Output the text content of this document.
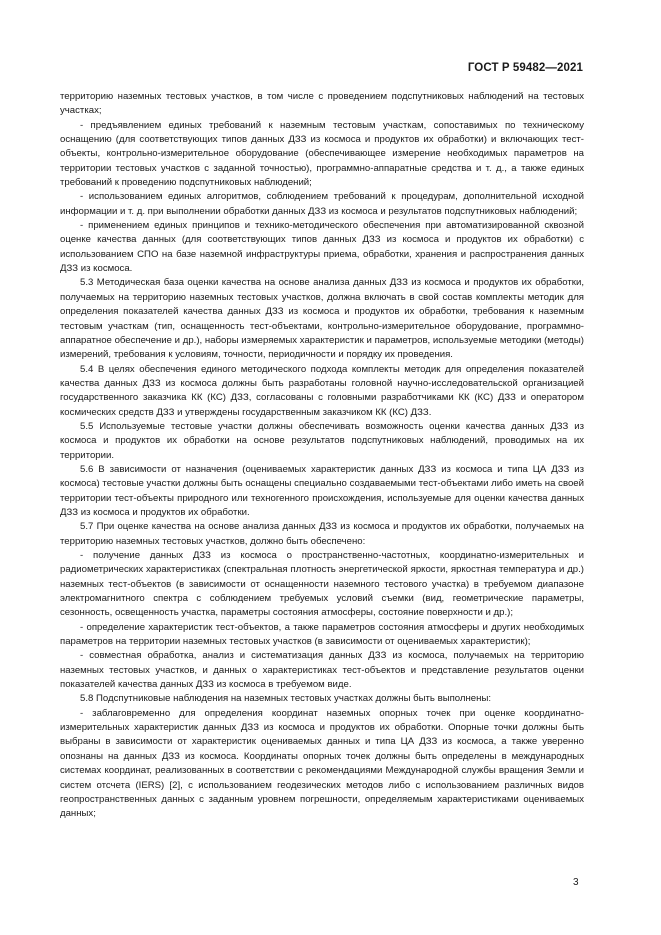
ГОСТ Р 59482—2021

территорию наземных тестовых участков, в том числе с проведением подспутниковых наблюдений на тестовых участках;

- предъявлением единых требований к наземным тестовым участкам, сопоставимых по техническому оснащению (для соответствующих типов данных ДЗЗ из космоса и продуктов их обработки) и включающих тест-объекты, контрольно-измерительное оборудование (обеспечивающее измерение необходимых параметров на территории тестовых участков с заданной точностью), программно-аппаратные средства и т. д., а также единых требований к проведению подспутниковых наблюдений;

- использованием единых алгоритмов, соблюдением требований к процедурам, дополнительной исходной информации и т. д. при выполнении обработки данных ДЗЗ из космоса и результатов подспутниковых наблюдений;

- применением единых принципов и технико-методического обеспечения при автоматизированной сквозной оценке качества данных (для соответствующих типов данных ДЗЗ из космоса и продуктов их обработки) с использованием СПО на базе наземной инфраструктуры приема, обработки, хранения и распространения данных ДЗЗ из космоса.

5.3 Методическая база оценки качества на основе анализа данных ДЗЗ из космоса и продуктов их обработки, получаемых на территорию наземных тестовых участков, должна включать в свой состав комплекты методик для определения показателей качества данных ДЗЗ из космоса и продуктов их обработки, требования к наземным тестовым участкам (тип, оснащенность тест-объектами, контрольно-измерительное оборудование, программно-аппаратное обеспечение и др.), наборы измеряемых характеристик и параметров, используемые методики (методы) измерений, требования к условиям, точности, периодичности и порядку их проведения.

5.4 В целях обеспечения единого методического подхода комплекты методик для определения показателей качества данных ДЗЗ из космоса должны быть разработаны головной научно-исследовательской организацией государственного заказчика КК (КС) ДЗЗ, согласованы с головными разработчиками КК (КС) ДЗЗ и оператором космических средств ДЗЗ и утверждены государственным заказчиком КК (КС) ДЗЗ.

5.5 Используемые тестовые участки должны обеспечивать возможность оценки качества данных ДЗЗ из космоса и продуктов их обработки на основе результатов подспутниковых наблюдений, проводимых на их территории.

5.6 В зависимости от назначения (оцениваемых характеристик данных ДЗЗ из космоса и типа ЦА ДЗЗ из космоса) тестовые участки должны быть оснащены специально создаваемыми тест-объектами либо иметь на своей территории тест-объекты природного или техногенного происхождения, используемые для оценки качества данных ДЗЗ из космоса и продуктов их обработки.

5.7 При оценке качества на основе анализа данных ДЗЗ из космоса и продуктов их обработки, получаемых на территорию наземных тестовых участков, должно быть обеспечено:

- получение данных ДЗЗ из космоса о пространственно-частотных, координатно-измерительных и радиометрических характеристиках (спектральная плотность энергетической яркости, яркостная температура и др.) наземных тест-объектов (в зависимости от оснащенности наземного тестового участка) в требуемом диапазоне электромагнитного спектра с соблюдением требуемых условий съемки (вид, геометрические параметры, сезонность, освещенность участка, параметры состояния атмосферы, состояние поверхности и др.);

- определение характеристик тест-объектов, а также параметров состояния атмосферы и других необходимых параметров на территории наземных тестовых участков (в зависимости от оцениваемых характеристик);

- совместная обработка, анализ и систематизация данных ДЗЗ из космоса, получаемых на территорию наземных тестовых участков, и данных о характеристиках тест-объектов и представление результатов оценки показателей качества данных ДЗЗ из космоса в требуемом виде.

5.8 Подспутниковые наблюдения на наземных тестовых участках должны быть выполнены:

- заблаговременно для определения координат наземных опорных точек при оценке координатно-измерительных характеристик данных ДЗЗ из космоса и продуктов их обработки. Опорные точки должны быть выбраны в зависимости от характеристик оцениваемых данных и типа ЦА ДЗЗ из космоса, а также уверенно опознаны на данных ДЗЗ из космоса. Координаты опорных точек должны быть определены в международных системах координат, реализованных в соответствии с рекомендациями Международной службы вращения Земли и систем отсчета (IERS) [2], с использованием геодезических методов либо с использованием различных видов геопространственных данных с заданным уровнем погрешности, определяемым характеристиками оцениваемых данных;

3
